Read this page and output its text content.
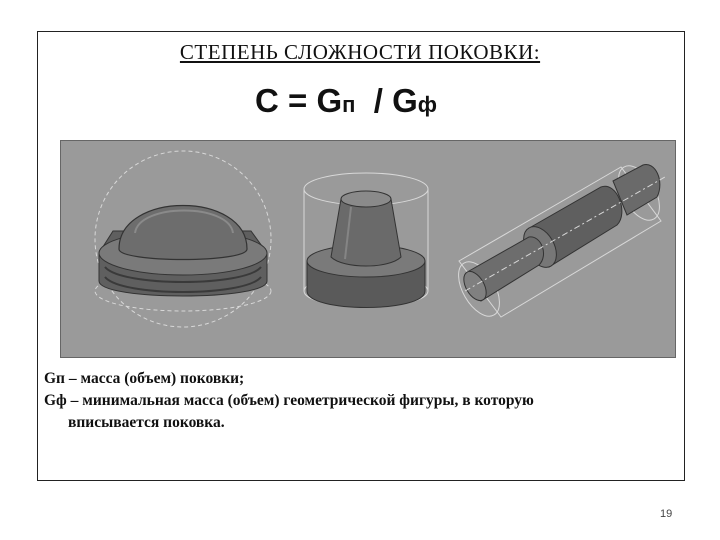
СТЕПЕНЬ СЛОЖНОСТИ ПОКОВКИ:
С = Gп  / Gф
Gп – масса (объем) поковки;
Gф – минимальная масса (объем) геометрической фигуры, в которую
вписывается поковка.
19
